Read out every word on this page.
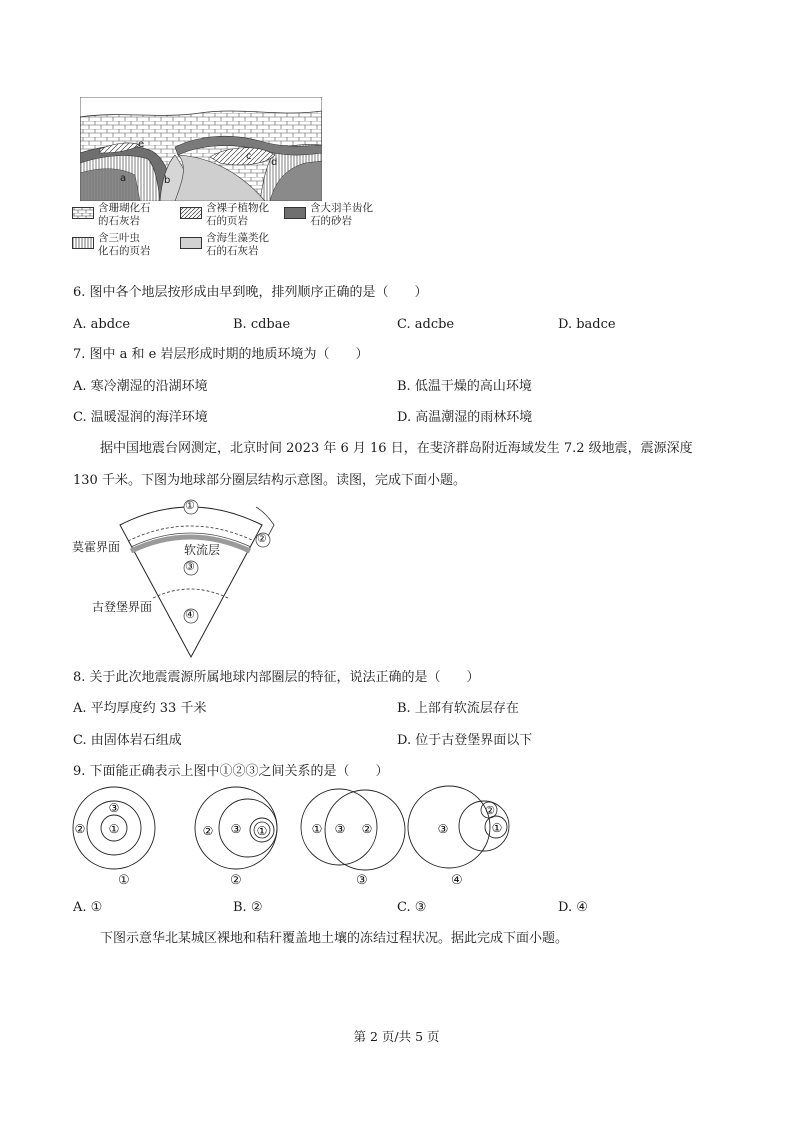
e
a	b
c
d
含珊瑚化石
的石灰岩
含裸子植物化
石的页岩
含大羽羊齿化
石的砂岩
含三叶虫
化石的页岩
含海生藻类化
石的石灰岩
6. 图中各个地层按形成由早到晚，排列顺序正确的是（　　）
A. abdce	B. cdbae	C. adcbe	D. badce
7. 图中 a 和 e 岩层形成时期的地质环境为（　　）
A. 寒冷潮湿的沿湖环境	B. 低温干燥的高山环境
C. 温暖湿润的海洋环境	D. 高温潮湿的雨林环境
据中国地震台网测定，北京时间 2023 年 6 月 16 日，在斐济群岛附近海域发生 7.2 级地震，震源深度
130 千米。下图为地球部分圈层结构示意图。读图，完成下面小题。
①
②
③
④
莫霍界面	软流层
古登堡界面
8. 关于此次地震震源所属地球内部圈层的特征，说法正确的是（　　）
A. 平均厚度约 33 千米	B. 上部有软流层存在
C. 由固体岩石组成	D. 位于古登堡界面以下
9. 下面能正确表示上图中①②③之间关系的是（　　）
①
③
②	①
③
②	① ③ ②	③
②
①
①	②	③	④
A. ①	B. ②	C. ③	D. ④
下图示意华北某城区裸地和秸秆覆盖地土壤的冻结过程状况。据此完成下面小题。
第 2 页/共 5 页
